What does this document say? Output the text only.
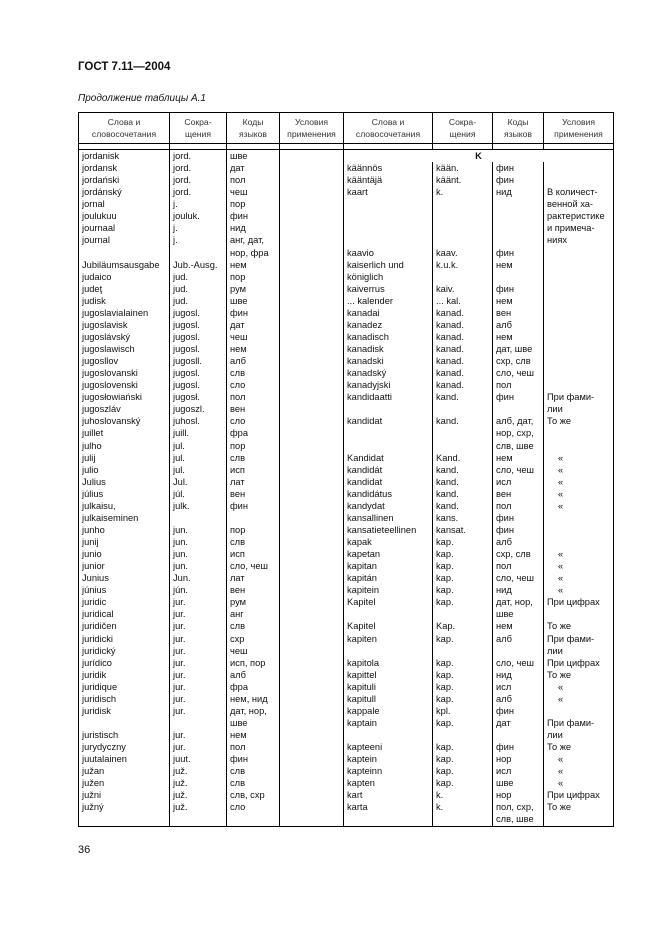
ГОСТ 7.11—2004
Продолжение таблицы А.1
Слова и
словосочетания	Сокра-
щения	Коды
языков	Условия
применения	Слова и
словосочетания	Сокра-
щения	Коды
языков	Условия
применения

jordanisk	jord.	шве		K			
jordansk	jord.	дат		käännös	kään.	фин	
jordański	jord.	пол		kääntäjä	käänt.	фин	
jordánský	jord.	чеш		kaart	k.	нид	В количест-
jornal	j.	пор					венной ха-
joulukuu	jouluk.	фин					рактеристике
journaal	j.	нид					и примеча-
journal	j.	анг, дат,					ниях
		нор, фра		kaavio	kaav.	фин	
Jubiläumsausgabe	Jub.-Ausg.	нем		kaiserlich und	k.u.k.	нем	
judaico	jud.	пор		königlich			
judeţ	jud.	рум		kaiverrus	kaiv.	фин	
judisk	jud.	шве		... kalender	... kal.	нем	
jugoslavialainen	jugosl.	фин		kanadai	kanad.	вен	
jugoslavisk	jugosl.	дат		kanadez	kanad.	алб	
jugoslávský	jugosl.	чеш		kanadisch	kanad.	нем	
jugoslawisch	jugosl.	нем		kanadisk	kanad.	дат, шве	
jugosllov	jugosll.	алб		kanadski	kanad.	схр, слв	
jugoslovanski	jugosl.	слв		kanadský	kanad.	сло, чеш	
jugoslovenski	jugosl.	сло		kanadyjski	kanad.	пол	
jugosłowiański	jugosł.	пол		kandidaatti	kand.	фин	При фами-
jugoszláv	jugoszl.	вен					лии
juhoslovanský	juhosl.	сло		kandidat	kand.	алб, дат,	То же
juillet	juill.	фра				нор, схр,	
julho	jul.	пор				слв, шве	
julij	jul.	слв		Kandidat	Kand.	нем	«
julio	jul.	исп		kandidát	kand.	сло, чеш	«
Julius	Jul.	лат		kandidat	kand.	исл	«
július	júl.	вен		kandidátus	kand.	вен	«
julkaisu,	julk.	фин		kandydat	kand.	пол	«
julkaiseminen				kansallinen	kans.	фин	
junho	jun.	пор		kansatieteellinen	kansat.	фин	
junij	jun.	слв		kapak	kap.	алб	
junio	jun.	исп		kapetan	kap.	схр, слв	«
junior	jun.	сло, чеш		kapitan	kap.	пол	«
Junius	Jun.	лат		kapitán	kap.	сло, чеш	«
június	jún.	вен		kapitein	kap.	нид	«
juridic	jur.	рум		Kapitel	kap.	дат, нор,	При цифрах
juridical	jur.	анг				шве	
juridičen	jur.	слв		Kapitel	Kap.	нем	То же
juridicki	jur.	схр		kapiten	kap.	алб	При фами-
juridický	jur.	чеш					лии
jurídico	jur.	исп, пор		kapitola	kap.	сло, чеш	При цифрах
juridik	jur.	алб		kapittel	kap.	нид	То же
juridique	jur.	фра		kapituli	kap.	исл	«
juridisch	jur.	нем, нид		kapitull	kap.	алб	«
juridisk	jur.	дат, нор,		kappale	kpl.	фин	
		шве		kaptain	kap.	дат	При фами-
juristisch	jur.	нем					лии
jurydyczny	jur.	пол		kapteeni	kap.	фин	То же
juutalainen	juut.	фин		kaptein	kap.	нор	«
južan	juž.	слв		kapteinn	kap.	исл	«
južen	juž.	слв		kapten	kap.	шве	«
južni	juž.	слв, схр		kart	k.	нор	При цифрах
južný	juž.	сло		karta	k.	пол, схр,	То же
						слв, шве	
36
